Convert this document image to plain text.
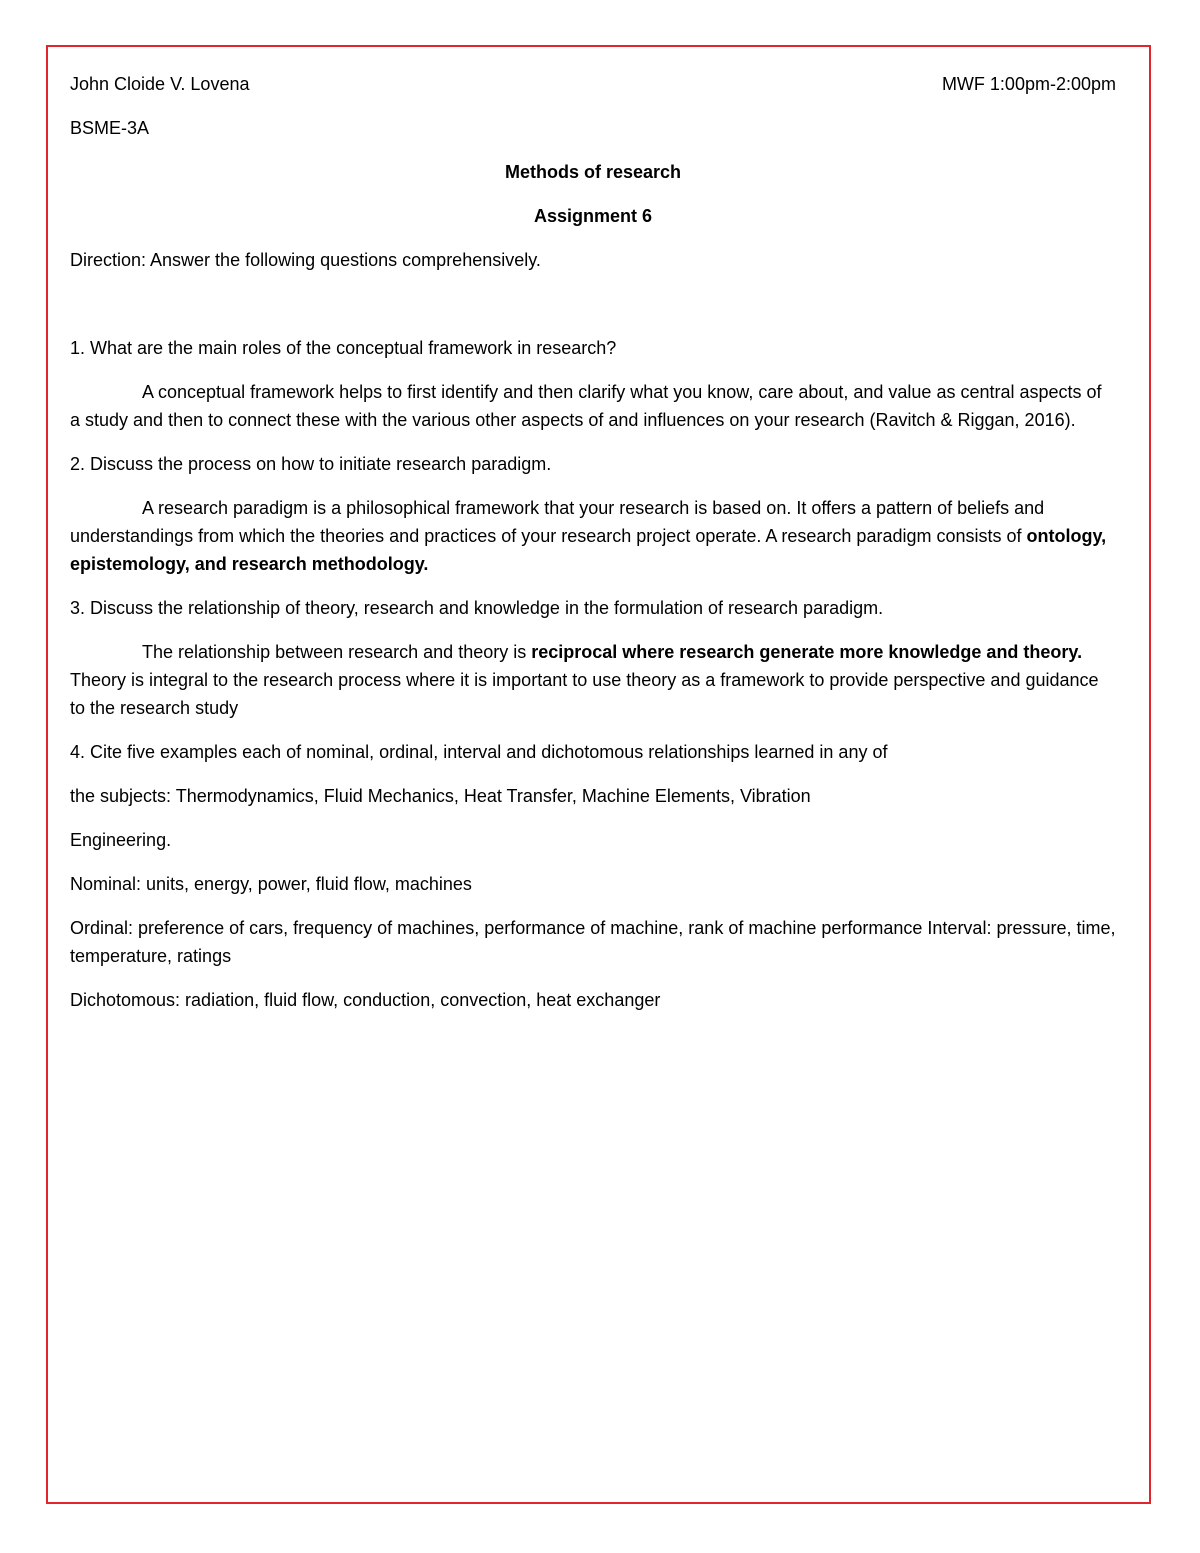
John Cloide V. Lovena	MWF 1:00pm-2:00pm
BSME-3A
Methods of research
Assignment 6
Direction: Answer the following questions comprehensively.
1. What are the main roles of the conceptual framework in research?

A conceptual framework helps to first identify and then clarify what you know, care about, and value as central aspects of a study and then to connect these with the various other aspects of and influences on your research (Ravitch & Riggan, 2016).

2. Discuss the process on how to initiate research paradigm.

A research paradigm is a philosophical framework that your research is based on. It offers a pattern of beliefs and understandings from which the theories and practices of your research project operate. A research paradigm consists of ontology, epistemology, and research methodology.

3. Discuss the relationship of theory, research and knowledge in the formulation of research paradigm.

The relationship between research and theory is reciprocal where research generate more knowledge and theory. Theory is integral to the research process where it is important to use theory as a framework to provide perspective and guidance to the research study

4. Cite five examples each of nominal, ordinal, interval and dichotomous relationships learned in any of
the subjects: Thermodynamics, Fluid Mechanics, Heat Transfer, Machine Elements, Vibration
Engineering.
Nominal: units, energy, power, fluid flow, machines
Ordinal: preference of cars, frequency of machines, performance of machine, rank of machine performance Interval: pressure, time, temperature, ratings
Dichotomous: radiation, fluid flow, conduction, convection, heat exchanger
